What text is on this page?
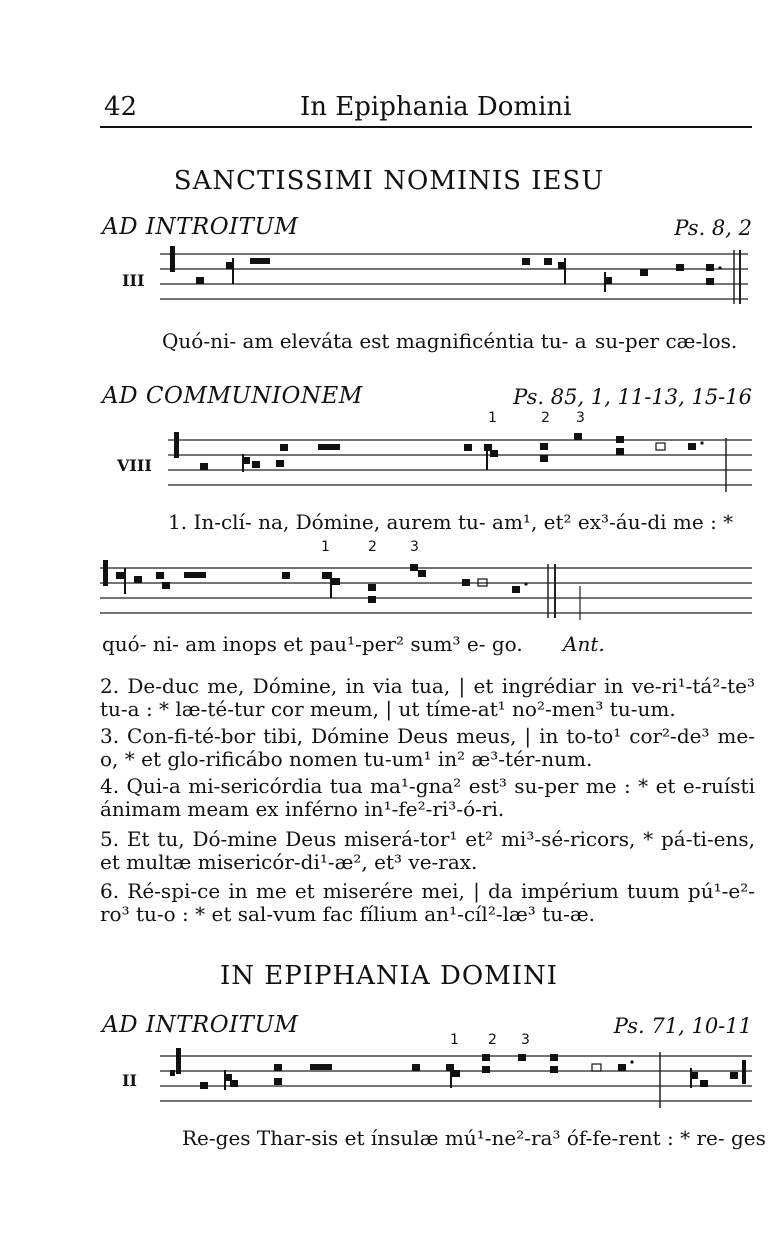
42	In Epiphania Domini
SANCTISSIMI NOMINIS IESU
AD INTROITUM	Ps. 8, 2
III
Quó-ni- am eleváta est magnificéntia tu- a su-per cæ-los.
AD COMMUNIONEM	Ps. 85, 1, 11-13, 15-16
1	2 3
VIII
1. In-clí- na, Dómine, aurem tu- am¹, et² ex³-áu-di me : *
1	2 3
quó- ni- am inops et pau¹-per² sum³ e- go. Ant.
2. De-duc me, Dómine, in via tua, | et ingrédiar in ve-ri¹-tá²-te³ tu-a : * læ-té-tur cor meum, | ut tíme-at¹ no²-men³ tu-um.
3. Con-fi-té-bor tibi, Dómine Deus meus, | in to-to¹ cor²-de³ me-o, * et glo-rificábo nomen tu-um¹ in² æ³-tér-num.
4. Qui-a mi-sericórdia tua ma¹-gna² est³ su-per me : * et e-ruísti ánimam meam ex inférno in¹-fe²-ri³-ó-ri.
5. Et tu, Dó-mine Deus miserá-tor¹ et² mi³-sé-ricors, * pá-ti-ens, et multæ misericór-di¹-æ², et³ ve-rax.
6. Ré-spi-ce in me et miserére mei, | da impérium tuum pú¹-e²-ro³ tu-o : * et sal-vum fac fílium an¹-cíl²-læ³ tu-æ.
IN EPIPHANIA DOMINI
AD INTROITUM	Ps. 71, 10-11
1 2 3
II
Re-ges Thar-sis et ínsulæ mú¹-ne²-ra³ óf-fe-rent : * re- ges
